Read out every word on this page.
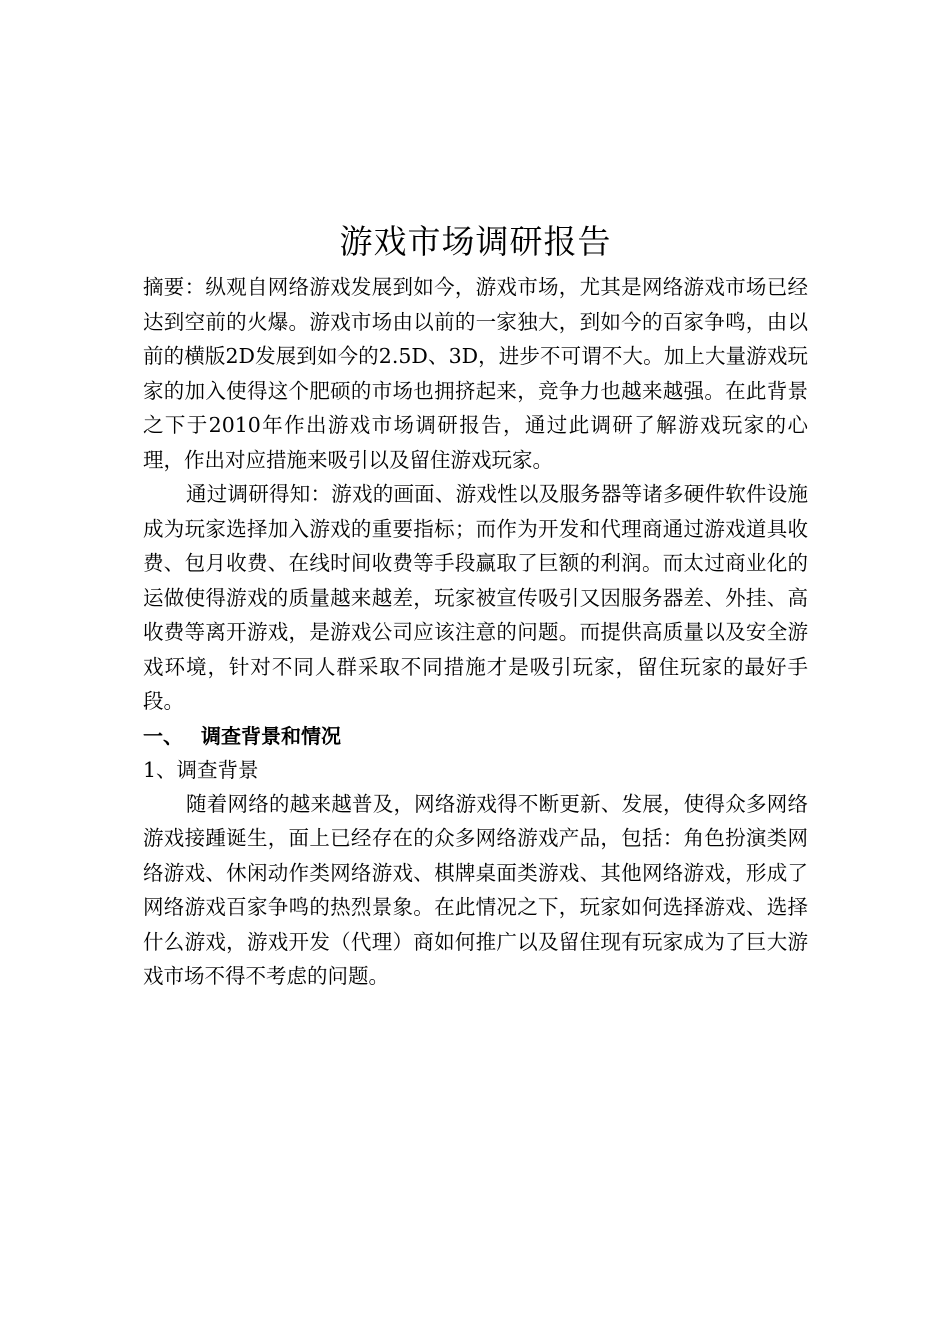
游戏市场调研报告

摘要：纵观自网络游戏发展到如今，游戏市场，尤其是网络游戏市场已经达到空前的火爆。游戏市场由以前的一家独大，到如今的百家争鸣，由以前的横版2D发展到如今的2.5D、3D，进步不可谓不大。加上大量游戏玩家的加入使得这个肥硕的市场也拥挤起来，竞争力也越来越强。在此背景之下于2010年作出游戏市场调研报告，通过此调研了解游戏玩家的心理，作出对应措施来吸引以及留住游戏玩家。

通过调研得知：游戏的画面、游戏性以及服务器等诸多硬件软件设施成为玩家选择加入游戏的重要指标；而作为开发和代理商通过游戏道具收费、包月收费、在线时间收费等手段赢取了巨额的利润。而太过商业化的运做使得游戏的质量越来越差，玩家被宣传吸引又因服务器差、外挂、高收费等离开游戏，是游戏公司应该注意的问题。而提供高质量以及安全游戏环境，针对不同人群采取不同措施才是吸引玩家，留住玩家的最好手段。

一、 调查背景和情况
1、调查背景

随着网络的越来越普及，网络游戏得不断更新、发展，使得众多网络游戏接踵诞生，面上已经存在的众多网络游戏产品，包括：角色扮演类网络游戏、休闲动作类网络游戏、棋牌桌面类游戏、其他网络游戏，形成了网络游戏百家争鸣的热烈景象。在此情况之下，玩家如何选择游戏、选择什么游戏，游戏开发（代理）商如何推广以及留住现有玩家成为了巨大游戏市场不得不考虑的问题。
